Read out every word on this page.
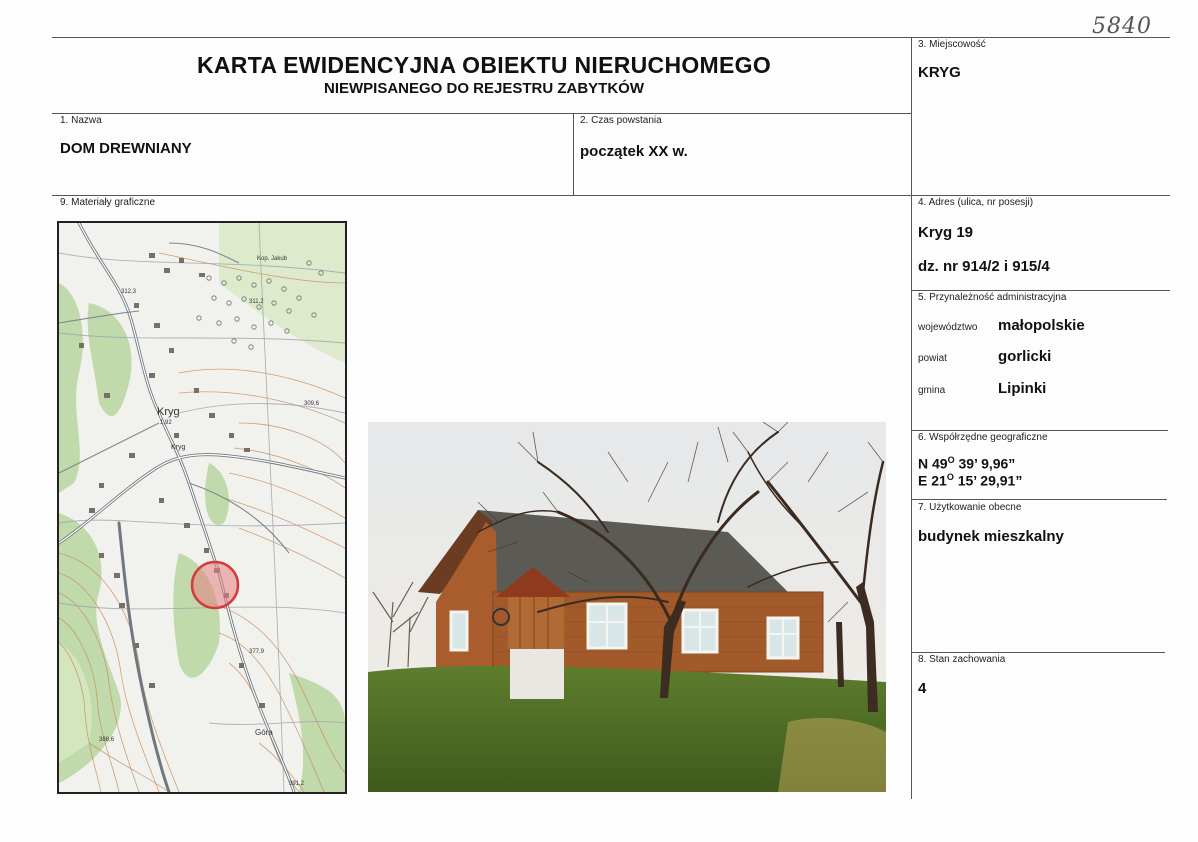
5840
KARTA EWIDENCYJNA OBIEKTU NIERUCHOMEGO
NIEWPISANEGO DO REJESTRU ZABYTKÓW
3. Miejscowość
KRYG
1. Nazwa
DOM DREWNIANY
2. Czas powstania
początek XX w.
9. Materiały graficzne	4. Adres (ulica, nr posesji)
Kryg 19
dz. nr 914/2 i 915/4
5. Przynależność administracyjna
województwo małopolskie
powiat	gorlicki
gmina	Lipinki
6. Współrzędne geograficzne
N $49^O$ 39’ 9,96”
E $21^O$ 15’ 29,91”
7. Użytkowanie obecne
budynek mieszkalny
8. Stan zachowania
4
Kryg
Kryg
1,92
312,3
311,2
309,6
377,9
388,6
391,2
Góra
Kop. Jakub
